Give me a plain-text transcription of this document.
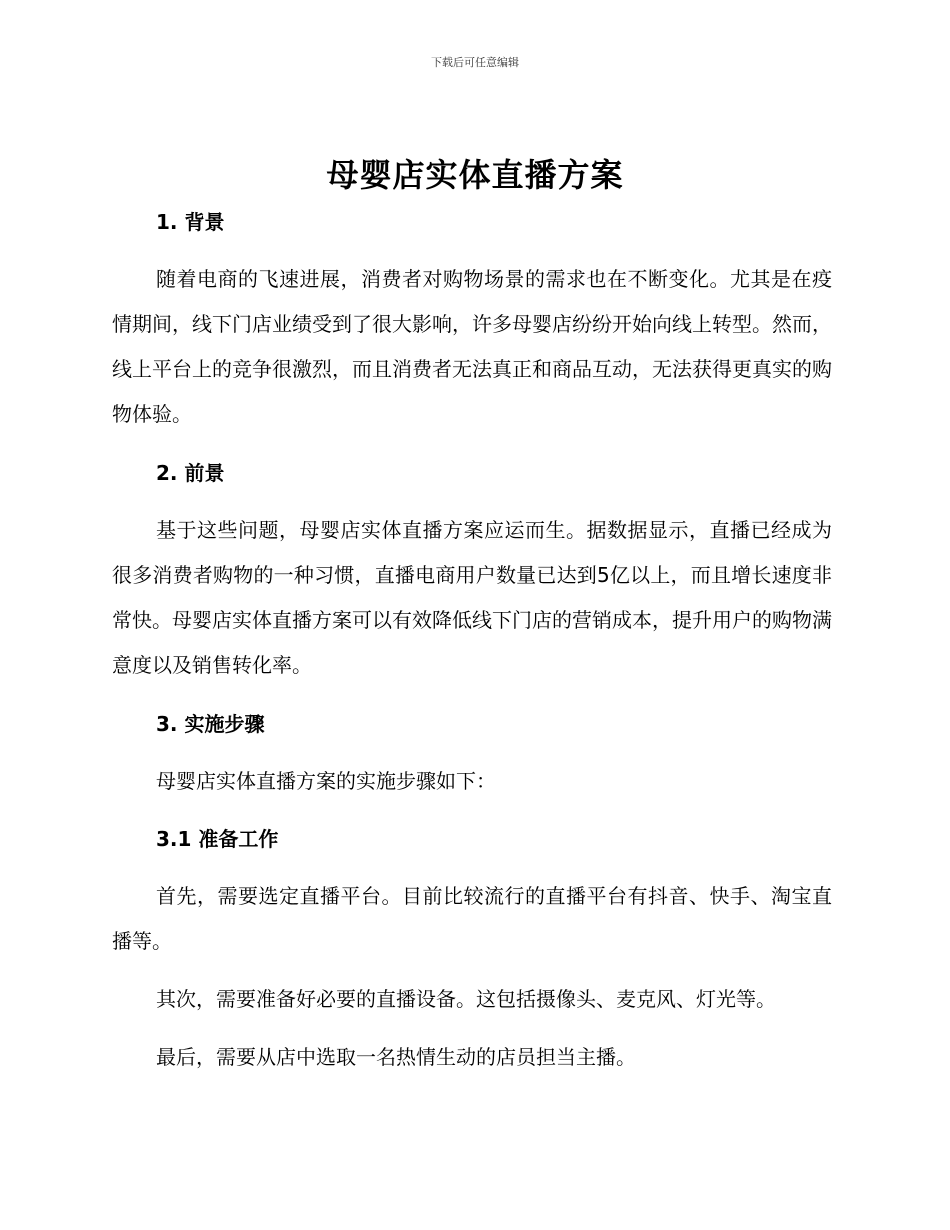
下载后可任意编辑
母婴店实体直播方案
1. 背景

随着电商的飞速进展，消费者对购物场景的需求也在不断变化。尤其是在疫情期间，线下门店业绩受到了很大影响，许多母婴店纷纷开始向线上转型。然而，线上平台上的竞争很激烈，而且消费者无法真正和商品互动，无法获得更真实的购物体验。

2. 前景

基于这些问题，母婴店实体直播方案应运而生。据数据显示，直播已经成为很多消费者购物的一种习惯，直播电商用户数量已达到5亿以上，而且增长速度非常快。母婴店实体直播方案可以有效降低线下门店的营销成本，提升用户的购物满意度以及销售转化率。

3. 实施步骤

母婴店实体直播方案的实施步骤如下：

3.1 准备工作

首先，需要选定直播平台。目前比较流行的直播平台有抖音、快手、淘宝直播等。

其次，需要准备好必要的直播设备。这包括摄像头、麦克风、灯光等。

最后，需要从店中选取一名热情生动的店员担当主播。
